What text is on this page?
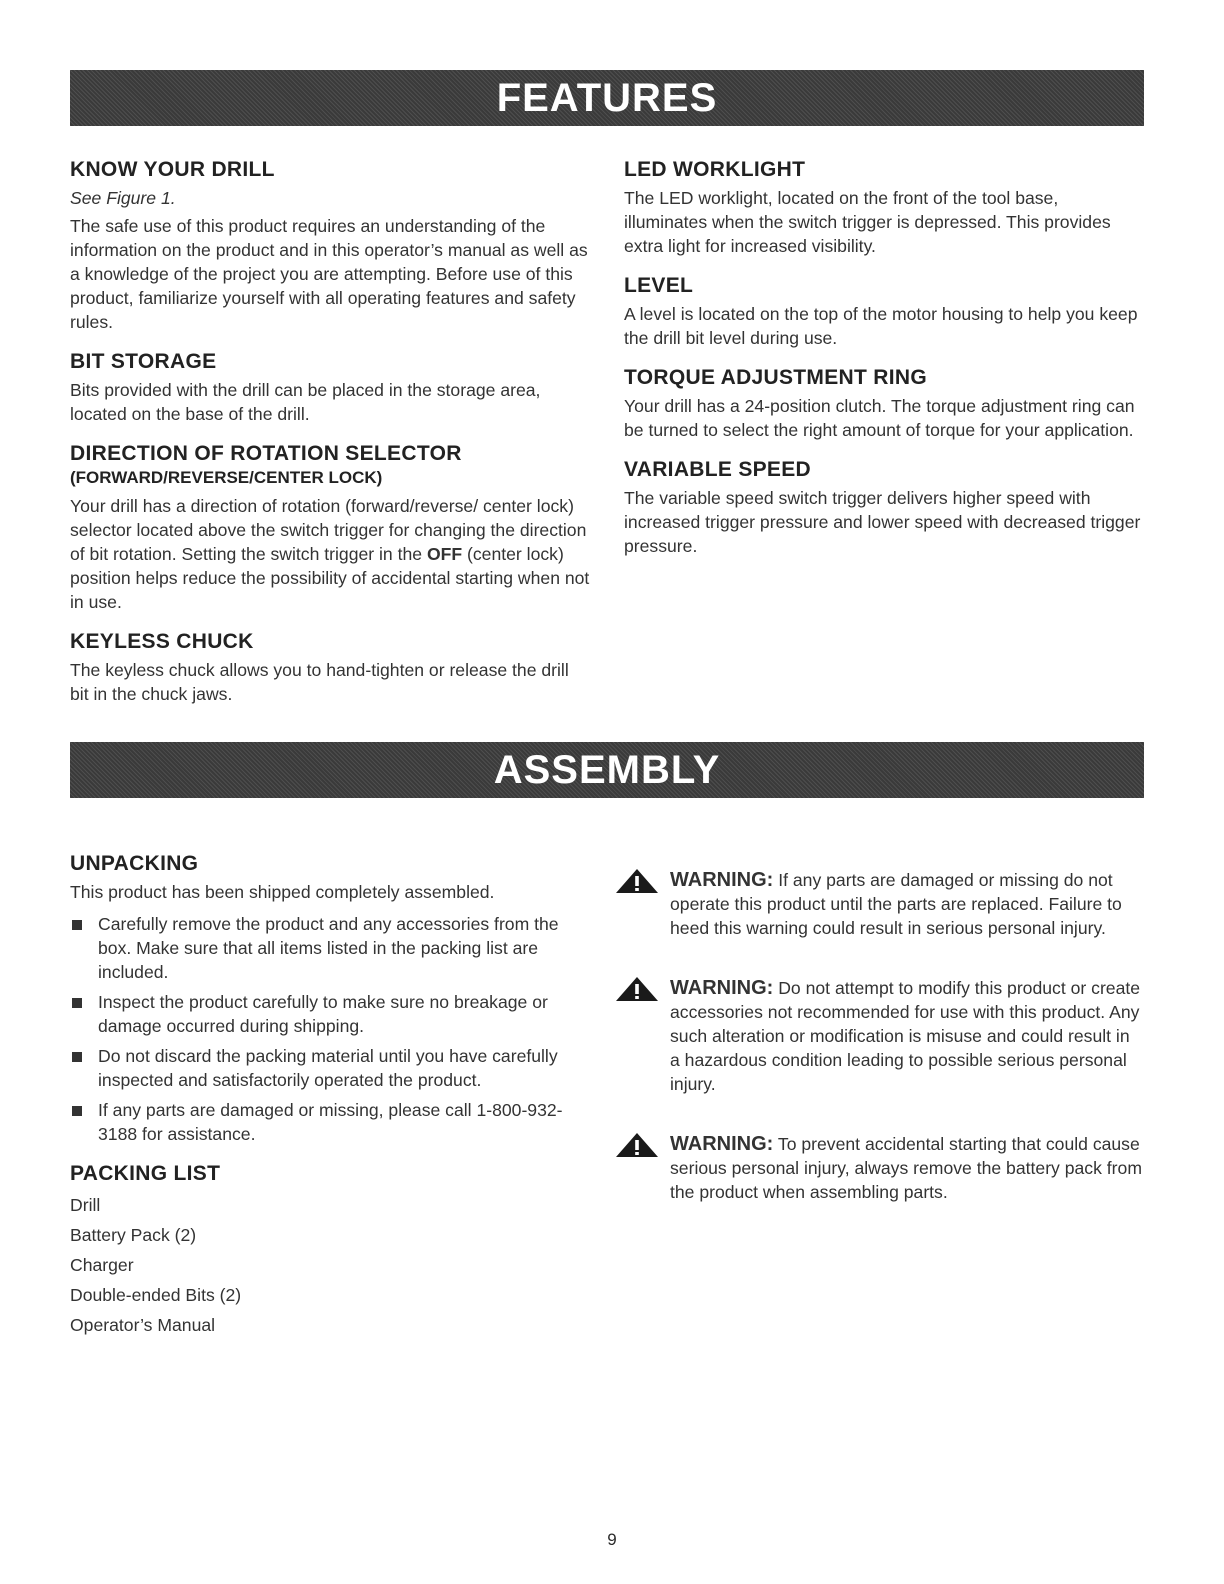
FEATURES
KNOW YOUR DRILL

See Figure 1.

The safe use of this product requires an understanding of the information on the product and in this operator’s manual as well as a knowledge of the project you are attempting. Before use of this product, familiarize yourself with all operating features and safety rules.

BIT STORAGE

Bits provided with the drill can be placed in the storage area, located on the base of the drill.

DIRECTION OF ROTATION SELECTOR
(FORWARD/REVERSE/CENTER LOCK)

Your drill has a direction of rotation (forward/reverse/ center lock) selector located above the switch trigger for changing the direction of bit rotation. Setting the switch trigger in the OFF (center lock) position helps reduce the possibility of accidental starting when not in use.

KEYLESS CHUCK

The keyless chuck allows you to hand-tighten or release the drill bit in the chuck jaws.

LED WORKLIGHT

The LED worklight, located on the front of the tool base, illuminates when the switch trigger is depressed. This provides extra light for increased visibility.

LEVEL

A level is located on the top of the motor housing to help you keep the drill bit level during use.

TORQUE ADJUSTMENT RING

Your drill has a 24-position clutch. The torque adjustment ring can be turned to select the right amount of torque for your application.

VARIABLE SPEED

The variable speed switch trigger delivers higher speed with increased trigger pressure and lower speed with decreased trigger pressure.

ASSEMBLY
UNPACKING

This product has been shipped completely assembled.

Carefully remove the product and any accessories from the box. Make sure that all items listed in the packing list are included.
Inspect the product carefully to make sure no breakage or damage occurred during shipping.
Do not discard the packing material until you have carefully inspected and satisfactorily operated the product.
If any parts are damaged or missing, please call 1-800-932-3188 for assistance.
PACKING LIST
Drill
Battery Pack (2)
Charger
Double-ended Bits (2)
Operator’s Manual

WARNING: If any parts are damaged or missing do not operate this product until the parts are replaced. Failure to heed this warning could result in serious personal injury.

WARNING: Do not attempt to modify this product or create accessories not recommended for use with this product. Any such alteration or modification is misuse and could result in a hazardous condition leading to possible serious personal injury.

WARNING: To prevent accidental starting that could cause serious personal injury, always remove the battery pack from the product when assembling parts.

9
